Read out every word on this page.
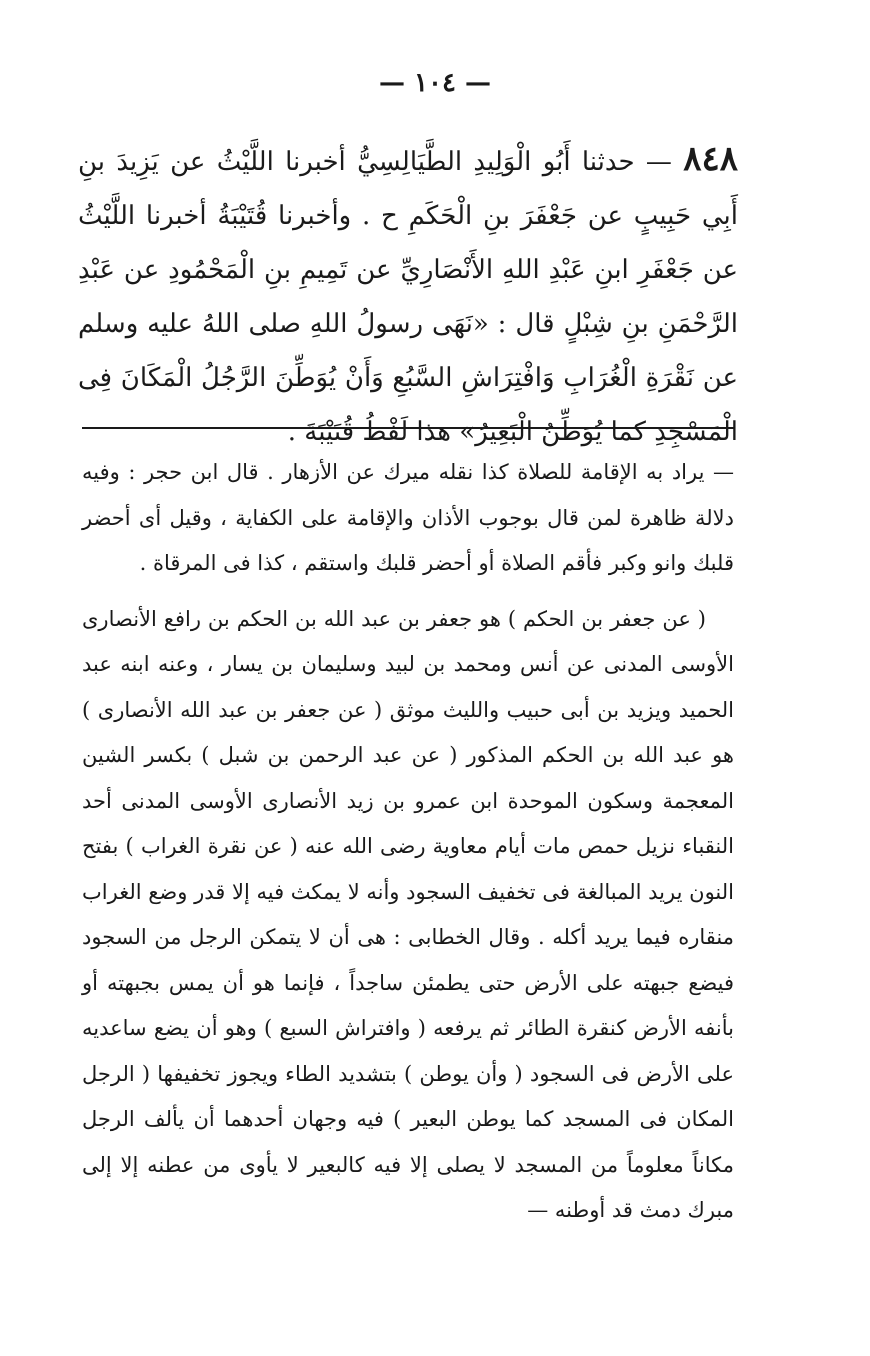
— ١٠٤ —
٨٤٨ — حدثنا أَبُو الْوَلِيدِ الطَّيَالِسِيُّ أخبرنا اللَّيْثُ عن يَزِيدَ بنِ أَبِي حَبِيبٍ عن جَعْفَرَ بنِ الْحَكَمِ ح . وأخبرنا قُتَيْبَةُ أخبرنا اللَّيْثُ عن جَعْفَرِ ابنِ عَبْدِ اللهِ الأَنْصَارِيِّ عن تَمِيمِ بنِ الْمَحْمُودِ عن عَبْدِ الرَّحْمَنِ بنِ شِبْلٍ قال : «نَهَى رسولُ اللهِ صلى اللهُ عليه وسلم عن نَقْرَةِ الْغُرَابِ وَافْتِرَاشِ السَّبُعِ وَأَنْ يُوَطِّنَ الرَّجُلُ الْمَكَانَ فِى الْمَسْجِدِ كما يُوَطِّنُ الْبَعِيرُ» هذا لَفْظُ قُتَيْبَةَ .

— يراد به الإقامة للصلاة كذا نقله ميرك عن الأزهار . قال ابن حجر : وفيه دلالة ظاهرة لمن قال بوجوب الأذان والإقامة على الكفاية ، وقيل أى أحضر قلبك وانو وكبر فأقم الصلاة أو أحضر قلبك واستقم ، كذا فى المرقاة .

( عن جعفر بن الحكم ) هو جعفر بن عبد الله بن الحكم بن رافع الأنصارى الأوسى المدنى عن أنس ومحمد بن لبيد وسليمان بن يسار ، وعنه ابنه عبد الحميد ويزيد بن أبى حبيب والليث موثق ( عن جعفر بن عبد الله الأنصارى ) هو عبد الله بن الحكم المذكور ( عن عبد الرحمن بن شبل ) بكسر الشين المعجمة وسكون الموحدة ابن عمرو بن زيد الأنصارى الأوسى المدنى أحد النقباء نزيل حمص مات أيام معاوية رضى الله عنه ( عن نقرة الغراب ) بفتح النون يريد المبالغة فى تخفيف السجود وأنه لا يمكث فيه إلا قدر وضع الغراب منقاره فيما يريد أكله . وقال الخطابى : هى أن لا يتمكن الرجل من السجود فيضع جبهته على الأرض حتى يطمئن ساجداً ، فإنما هو أن يمس بجبهته أو بأنفه الأرض كنقرة الطائر ثم يرفعه ( وافتراش السبع ) وهو أن يضع ساعديه على الأرض فى السجود ( وأن يوطن ) بتشديد الطاء ويجوز تخفيفها ( الرجل المكان فى المسجد كما يوطن البعير ) فيه وجهان أحدهما أن يألف الرجل مكاناً معلوماً من المسجد لا يصلى إلا فيه كالبعير لا يأوى من عطنه إلا إلى مبرك دمث قد أوطنه —
